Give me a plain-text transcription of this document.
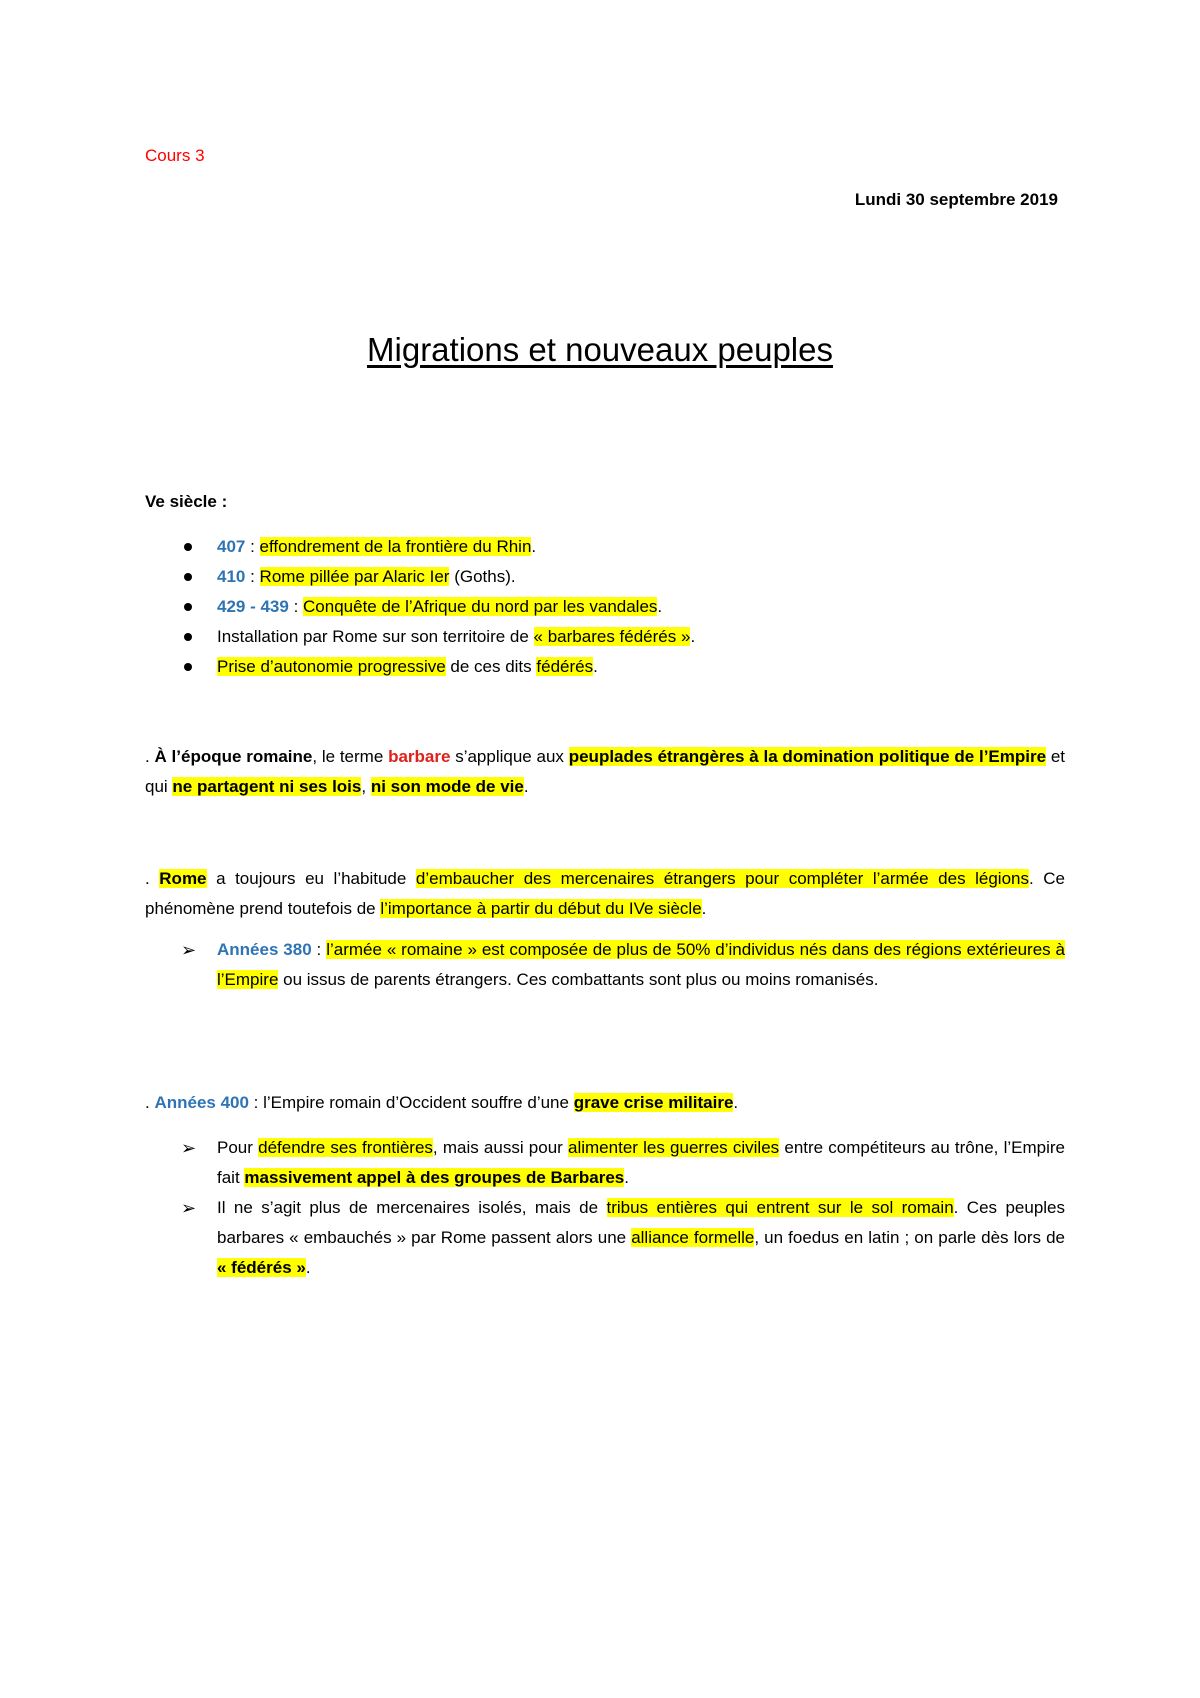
Cours 3
Lundi 30 septembre 2019
Migrations et nouveaux peuples
Ve siècle :
407 : effondrement de la frontière du Rhin.
410 : Rome pillée par Alaric Ier (Goths).
429 - 439 : Conquête de l’Afrique du nord par les vandales.
Installation par Rome sur son territoire de « barbares fédérés ».
Prise d’autonomie progressive de ces dits fédérés.
. À l’époque romaine, le terme barbare s’applique aux peuplades étrangères à la domination politique de l’Empire et qui ne partagent ni ses lois, ni son mode de vie.
. Rome a toujours eu l’habitude d’embaucher des mercenaires étrangers pour compléter l’armée des légions. Ce phénomène prend toutefois de l’importance à partir du début du IVe siècle.
➢ Années 380 : l’armée « romaine » est composée de plus de 50% d’individus nés dans des régions extérieures à l’Empire ou issus de parents étrangers. Ces combattants sont plus ou moins romanisés.
. Années 400 : l’Empire romain d’Occident souffre d’une grave crise militaire.
➢ Pour défendre ses frontières, mais aussi pour alimenter les guerres civiles entre compétiteurs au trône, l’Empire fait massivement appel à des groupes de Barbares.
➢ Il ne s’agit plus de mercenaires isolés, mais de tribus entières qui entrent sur le sol romain. Ces peuples barbares « embauchés » par Rome passent alors une alliance formelle, un foedus en latin ; on parle dès lors de « fédérés ».
